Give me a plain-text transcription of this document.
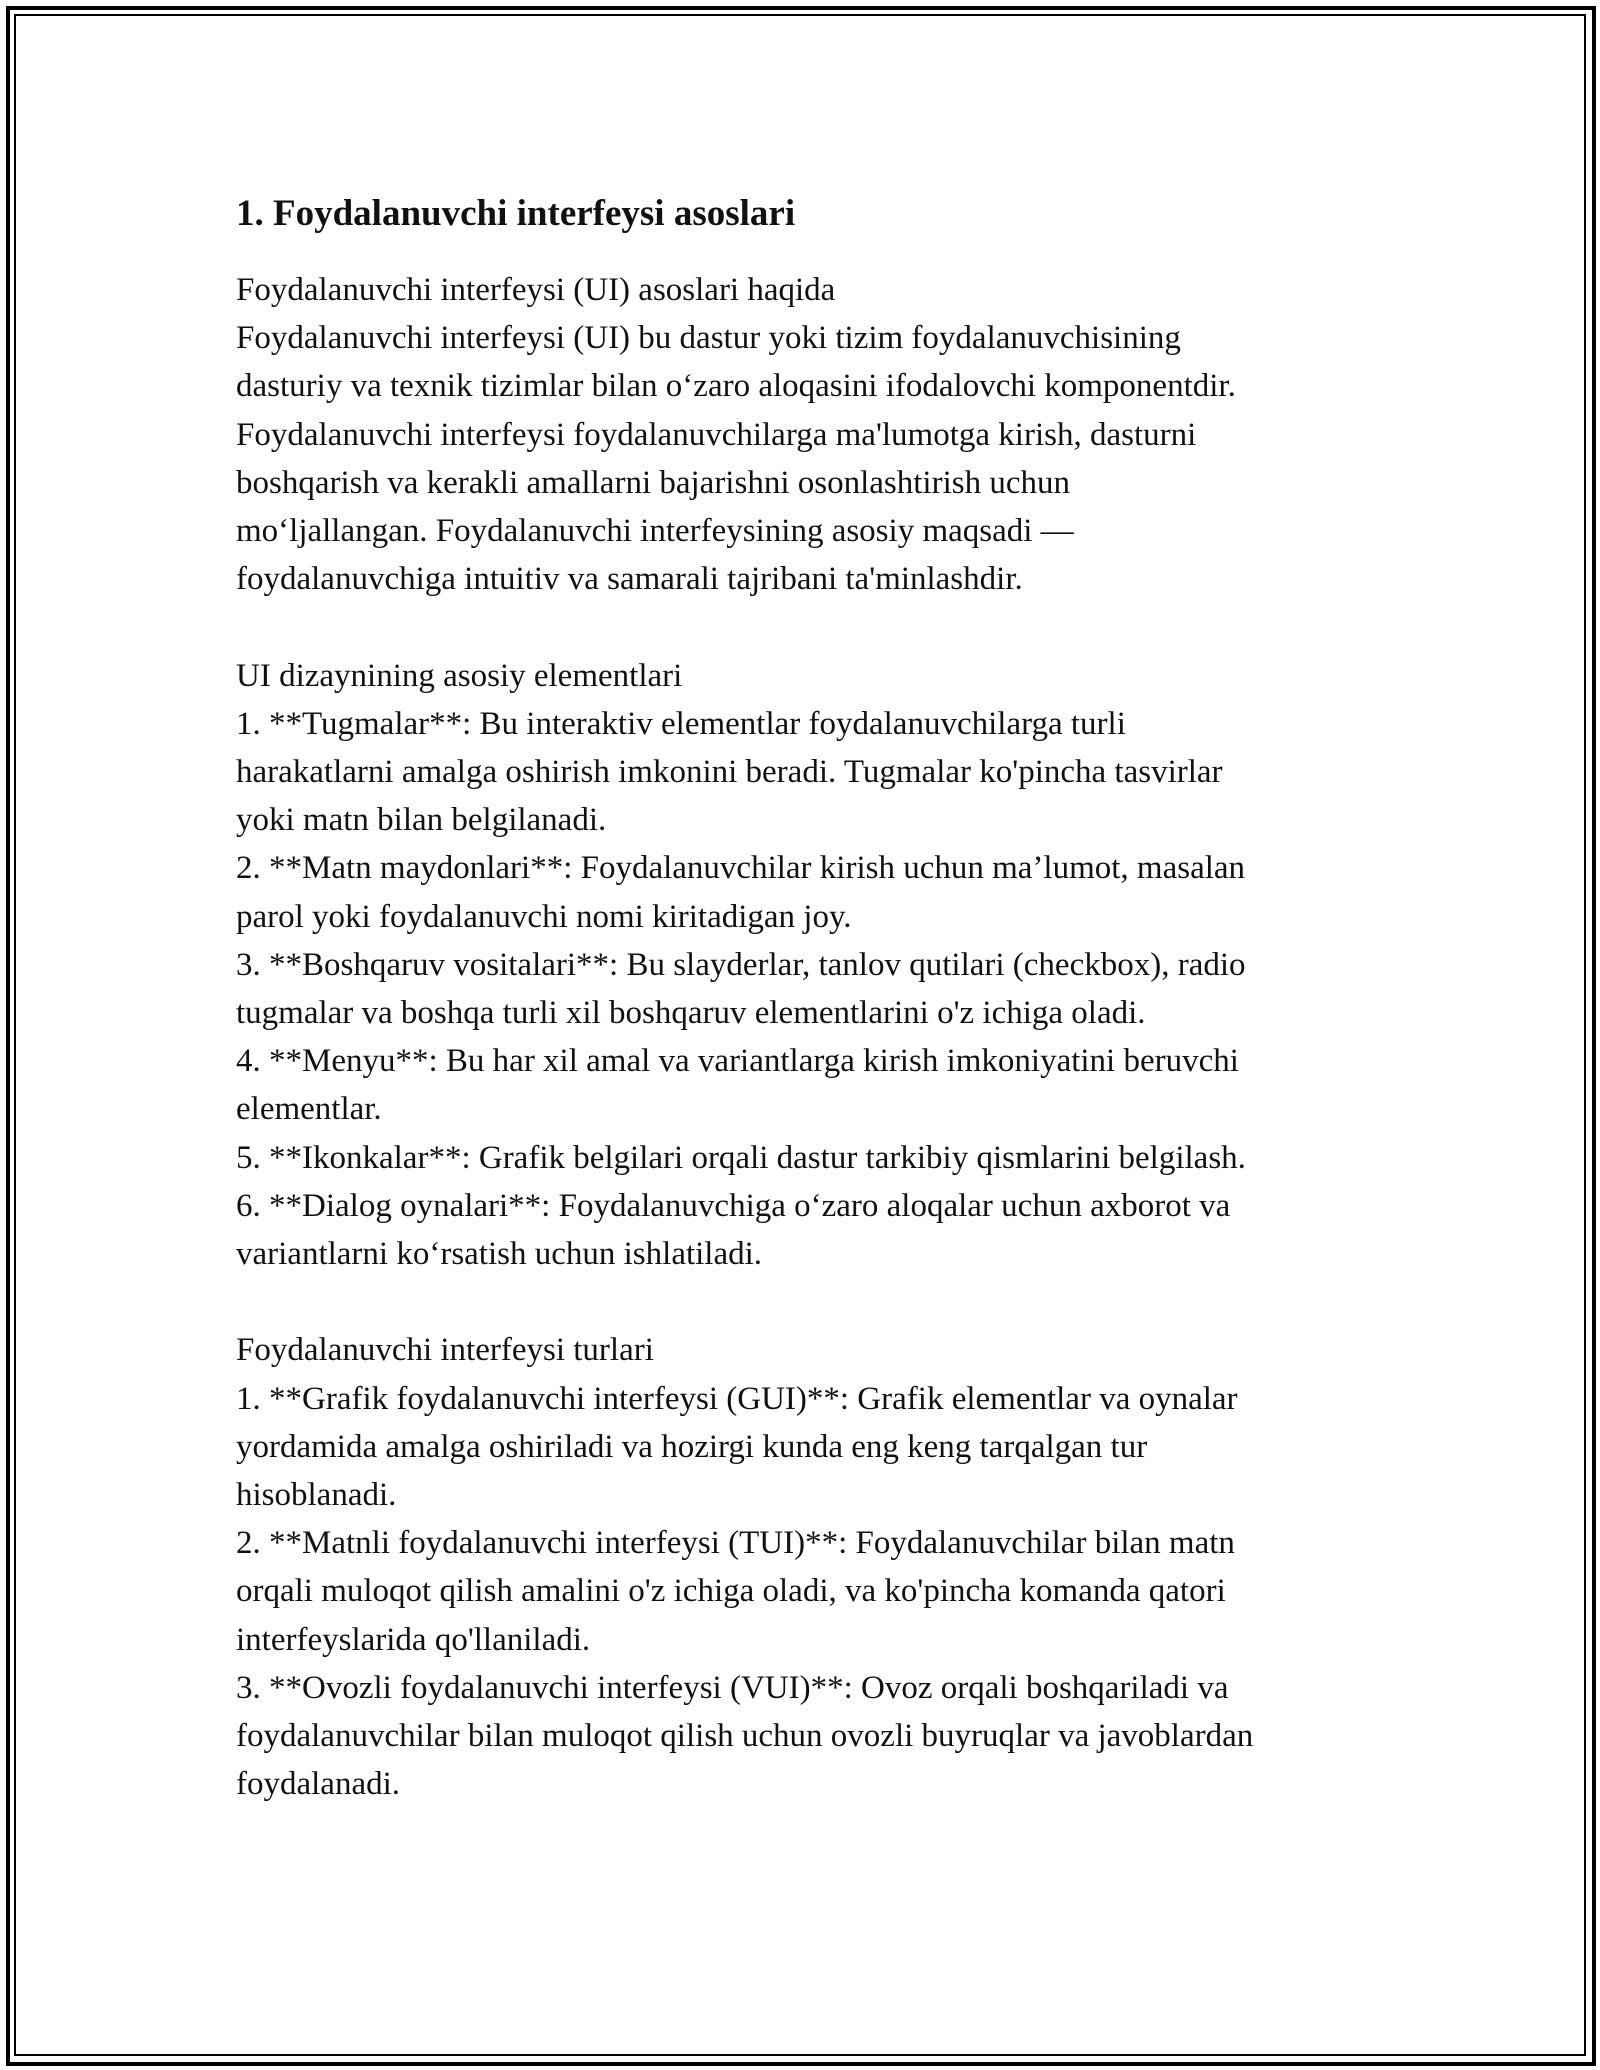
1. Foydalanuvchi interfeysi asoslari
Foydalanuvchi interfeysi (UI) asoslari haqida
Foydalanuvchi interfeysi (UI) bu dastur yoki tizim foydalanuvchisining
dasturiy va texnik tizimlar bilan o‘zaro aloqasini ifodalovchi komponentdir.
Foydalanuvchi interfeysi foydalanuvchilarga ma'lumotga kirish, dasturni
boshqarish va kerakli amallarni bajarishni osonlashtirish uchun
mo‘ljallangan. Foydalanuvchi interfeysining asosiy maqsadi —
foydalanuvchiga intuitiv va samarali tajribani ta'minlashdir.
UI dizaynining asosiy elementlari
1. **Tugmalar**: Bu interaktiv elementlar foydalanuvchilarga turli
harakatlarni amalga oshirish imkonini beradi. Tugmalar ko'pincha tasvirlar
yoki matn bilan belgilanadi.
2. **Matn maydonlari**: Foydalanuvchilar kirish uchun ma’lumot, masalan
parol yoki foydalanuvchi nomi kiritadigan joy.
3. **Boshqaruv vositalari**: Bu slayderlar, tanlov qutilari (checkbox), radio
tugmalar va boshqa turli xil boshqaruv elementlarini o'z ichiga oladi.
4. **Menyu**: Bu har xil amal va variantlarga kirish imkoniyatini beruvchi
elementlar.
5. **Ikonkalar**: Grafik belgilari orqali dastur tarkibiy qismlarini belgilash.
6. **Dialog oynalari**: Foydalanuvchiga o‘zaro aloqalar uchun axborot va
variantlarni ko‘rsatish uchun ishlatiladi.
Foydalanuvchi interfeysi turlari
1. **Grafik foydalanuvchi interfeysi (GUI)**: Grafik elementlar va oynalar
yordamida amalga oshiriladi va hozirgi kunda eng keng tarqalgan tur
hisoblanadi.
2. **Matnli foydalanuvchi interfeysi (TUI)**: Foydalanuvchilar bilan matn
orqali muloqot qilish amalini o'z ichiga oladi, va ko'pincha komanda qatori
interfeyslarida qo'llaniladi.
3. **Ovozli foydalanuvchi interfeysi (VUI)**: Ovoz orqali boshqariladi va
foydalanuvchilar bilan muloqot qilish uchun ovozli buyruqlar va javoblardan
foydalanadi.
